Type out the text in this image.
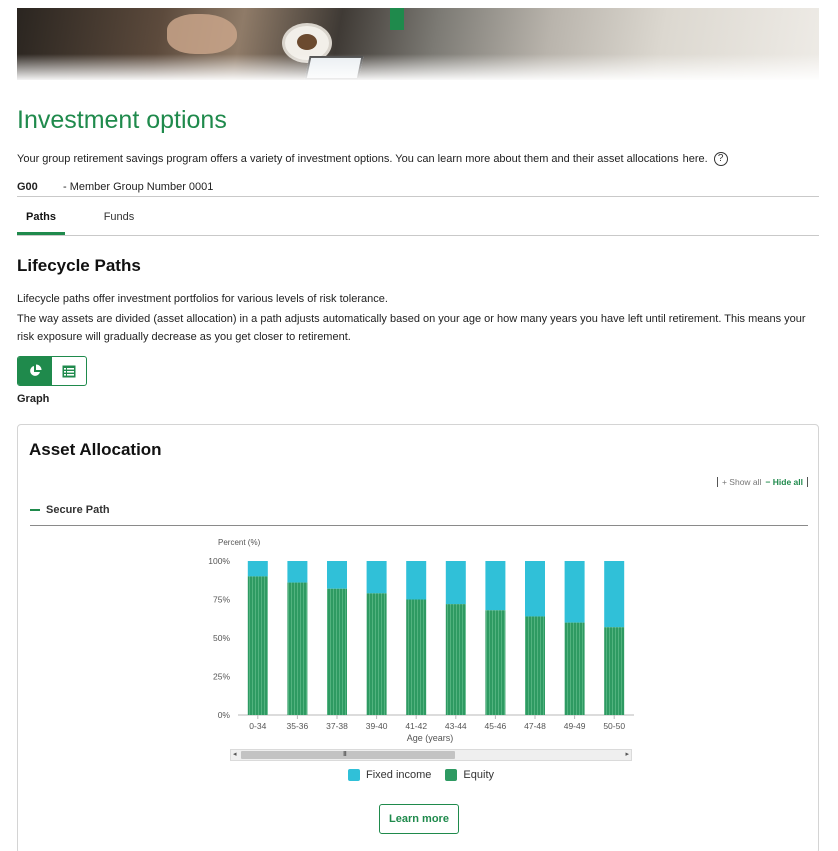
Investment options
Your group retirement savings program offers a variety of investment options. You can learn more about them and their asset allocations here.	?
G00	- Member Group Number 0001
Paths	Funds
Lifecycle Paths

Lifecycle paths offer investment portfolios for various levels of risk tolerance.

The way assets are divided (asset allocation) in a path adjusts automatically based on your age or how many years you have left until retirement. This means your risk exposure will gradually decrease as you get closer to retirement.

Graph
Asset Allocation
+ Show all − Hide all
Secure Path
Percent (%)
0%
25%
50%
75%
100%
0-34 35-36 37-38 39-40 41-42 43-44 45-46 47-48 49-49 50-50
Age (years)
◂	III	▸
Fixed income	Equity
Learn more
